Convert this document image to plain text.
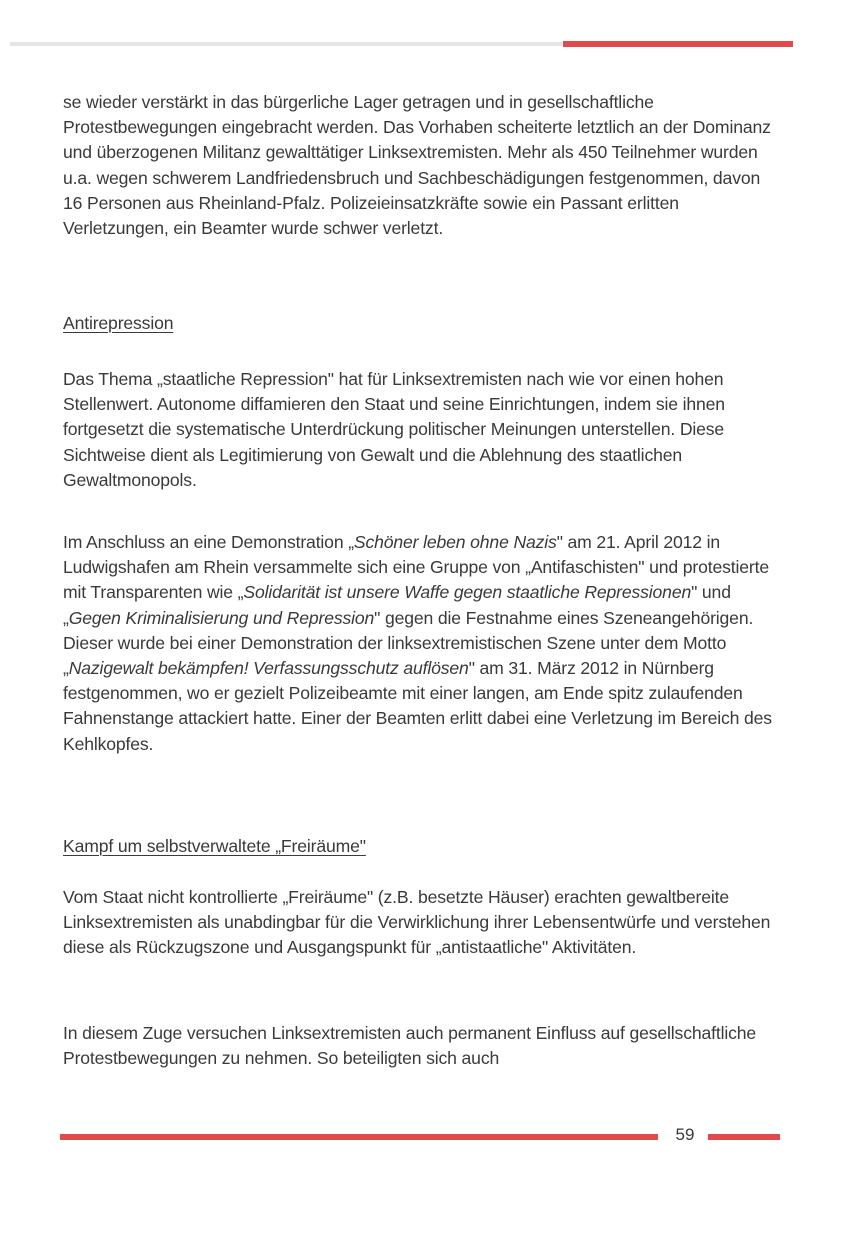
se wieder verstärkt in das bürgerliche Lager getragen und in gesellschaftliche Protestbewegungen eingebracht werden. Das Vorhaben scheiterte letztlich an der Dominanz und überzogenen Militanz gewalttätiger Linksextremisten. Mehr als 450 Teilnehmer wurden u.a. wegen schwerem Landfriedensbruch und Sachbeschädigungen festgenommen, davon 16 Personen aus Rheinland-Pfalz. Polizeieinsatzkräfte sowie ein Passant erlitten Verletzungen, ein Beamter wurde schwer verletzt.

Antirepression

Das Thema „staatliche Repression" hat für Linksextremisten nach wie vor einen hohen Stellenwert. Autonome diffamieren den Staat und seine Einrichtungen, indem sie ihnen fortgesetzt die systematische Unterdrückung politischer Meinungen unterstellen. Diese Sichtweise dient als Legitimierung von Gewalt und die Ablehnung des staatlichen Gewaltmonopols.

Im Anschluss an eine Demonstration „Schöner leben ohne Nazis" am 21. April 2012 in Ludwigshafen am Rhein versammelte sich eine Gruppe von „Antifaschisten" und protestierte mit Transparenten wie „Solidarität ist unsere Waffe gegen staatliche Repressionen" und „Gegen Kriminalisierung und Repression" gegen die Festnahme eines Szeneangehörigen. Dieser wurde bei einer Demonstration der linksextremistischen Szene unter dem Motto „Nazigewalt bekämpfen! Verfassungsschutz auflösen" am 31. März 2012 in Nürnberg festgenommen, wo er gezielt Polizeibeamte mit einer langen, am Ende spitz zulaufenden Fahnenstange attackiert hatte. Einer der Beamten erlitt dabei eine Verletzung im Bereich des Kehlkopfes.

Kampf um selbstverwaltete „Freiräume"

Vom Staat nicht kontrollierte „Freiräume" (z.B. besetzte Häuser) erachten gewaltbereite Linksextremisten als unabdingbar für die Verwirklichung ihrer Lebensentwürfe und verstehen diese als Rückzugszone und Ausgangspunkt für „antistaatliche" Aktivitäten.

In diesem Zuge versuchen Linksextremisten auch permanent Einfluss auf gesellschaftliche Protestbewegungen zu nehmen. So beteiligten sich auch

59
